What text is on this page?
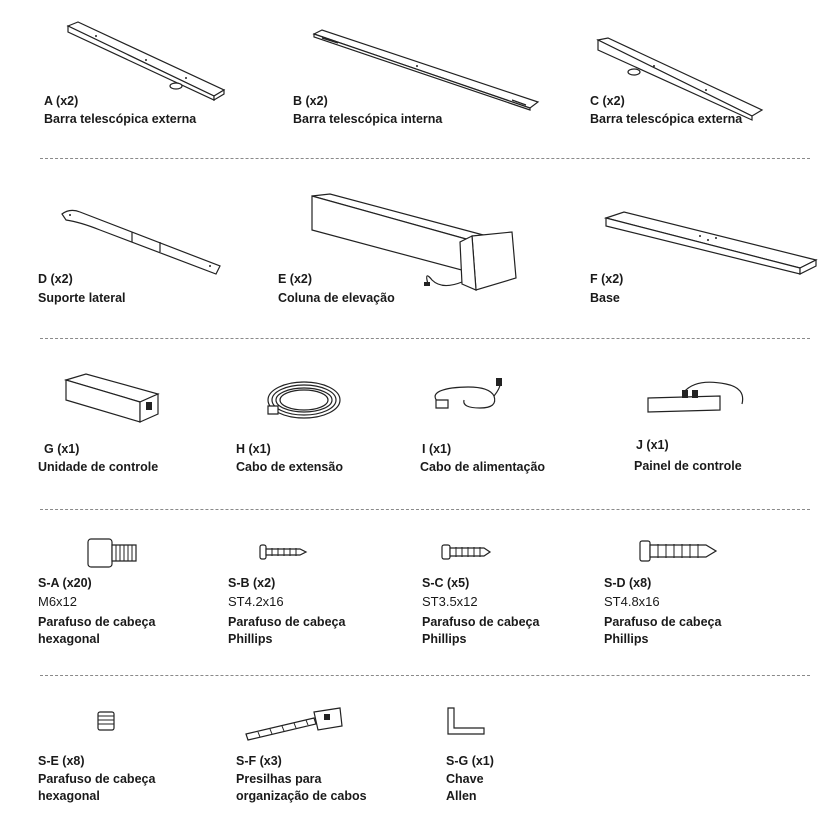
A (x2)
Barra telescópica externa
B (x2)
Barra telescópica interna
C (x2)
Barra telescópica externa
D (x2)
Suporte lateral
E (x2)
Coluna de elevação
F (x2)
Base
G (x1)
Unidade de controle
H (x1)
Cabo de extensão
I (x1)
Cabo de alimentação
J (x1)
Painel de controle
S-A (x20)
M6x12
Parafuso de cabeça
hexagonal
S-B (x2)
ST4.2x16
Parafuso de cabeça
Phillips
S-C (x5)
ST3.5x12
Parafuso de cabeça
Phillips
S-D (x8)
ST4.8x16
Parafuso de cabeça
Phillips
S-E (x8)
Parafuso de cabeça
hexagonal
S-F (x3)
Presilhas para
organização de cabos
S-G (x1)
Chave
Allen
